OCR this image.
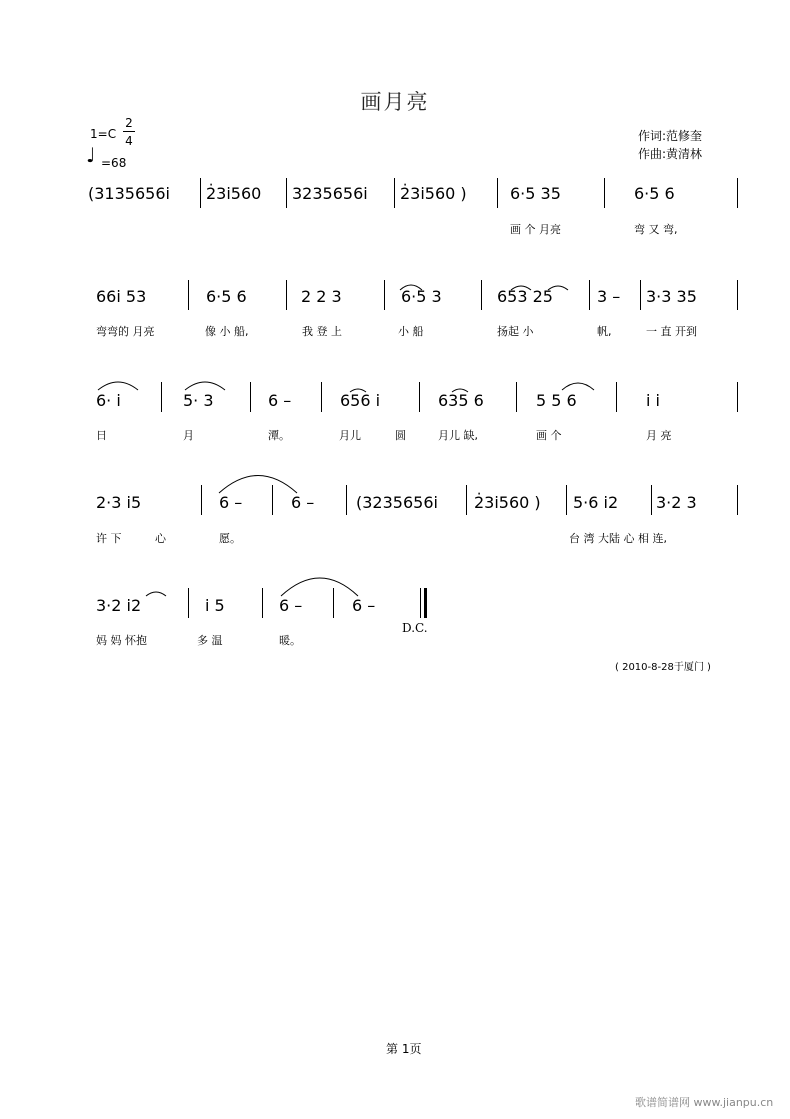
画月亮
1=C
2
4
♩ =68
作词:范修奎
作曲:黄清林
(3135656i 2̇3i560 3235656i 2̇3i560 )	6·5 35	6·5 6
画 个 月亮	弯 又 弯,
66i 53	6·5 6	2 2 3	6·5 3	653 25	3 – 3·3 35
弯弯的 月亮	像 小 船,	我 登 上	小 船	扬起 小	帆,	一 直 开到
6· i	5· 3	6 –	656 i	635 6	5 5 6	i i
日	月	潭。	月儿	圆	月儿 缺,	画 个	月 亮
2·3 i5	6 –	6 –	(3235656i 2̇3i560 ) 5·6 i2 3·2 3
许 下	心	愿。	台 湾 大陆 心 相 连,
3·2 i2	i 5	6 –	6 –
D.C.
妈 妈 怀抱	多 温	暖。
( 2010-8-28于厦门 )
第 1页
歌谱简谱网 www.jianpu.cn
